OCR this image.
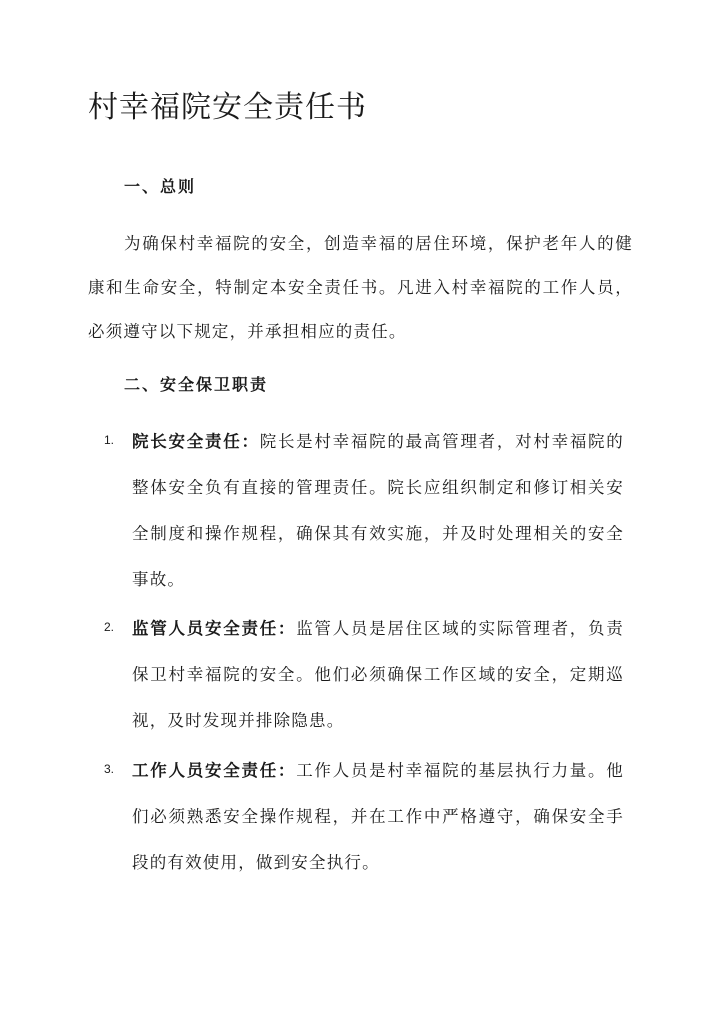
村幸福院安全责任书
一、总则

为确保村幸福院的安全，创造幸福的居住环境，保护老年人的健康和生命安全，特制定本安全责任书。凡进入村幸福院的工作人员，必须遵守以下规定，并承担相应的责任。

二、安全保卫职责
1. 院长安全责任：院长是村幸福院的最高管理者，对村幸福院的整体安全负有直接的管理责任。院长应组织制定和修订相关安全制度和操作规程，确保其有效实施，并及时处理相关的安全事故。
2. 监管人员安全责任：监管人员是居住区域的实际管理者，负责保卫村幸福院的安全。他们必须确保工作区域的安全，定期巡视，及时发现并排除隐患。
3. 工作人员安全责任：工作人员是村幸福院的基层执行力量。他们必须熟悉安全操作规程，并在工作中严格遵守，确保安全手段的有效使用，做到安全执行。
